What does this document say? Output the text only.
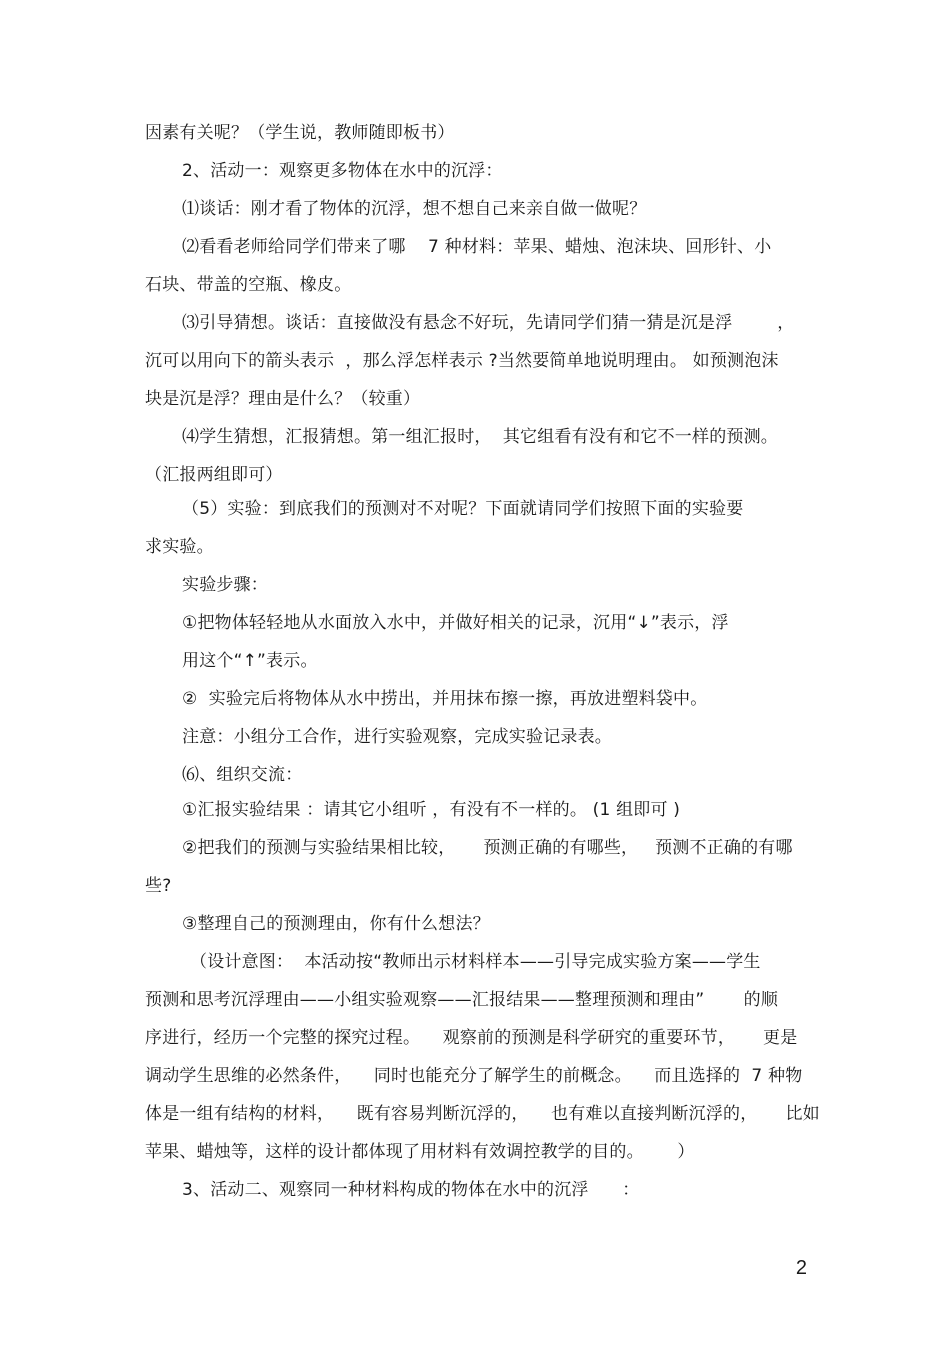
因素有关呢？（学生说，教师随即板书）
2、活动一：观察更多物体在水中的沉浮：
⑴谈话：刚才看了物体的沉浮，想不想自己来亲自做一做呢？
⑵看看老师给同学们带来了哪    7 种材料：苹果、蜡烛、泡沫块、回形针、小
石块、带盖的空瓶、橡皮。
⑶引导猜想。谈话：直接做没有悬念不好玩，先请同学们猜一猜是沉是浮        ，
沉可以用向下的箭头表示  ，那么浮怎样表示 ?当然要简单地说明理由。 如预测泡沫
块是沉是浮？理由是什么？（较重）
⑷学生猜想，汇报猜想。第一组汇报时，  其它组看有没有和它不一样的预测。
（汇报两组即可）
（5）实验：到底我们的预测对不对呢？下面就请同学们按照下面的实验要
求实验。
实验步骤：
①把物体轻轻地从水面放入水中，并做好相关的记录，沉用“↓”表示，浮
用这个“↑”表示。
②  实验完后将物体从水中捞出，并用抹布擦一擦，再放进塑料袋中。
注意：小组分工合作，进行实验观察，完成实验记录表。
⑹、组织交流：
①汇报实验结果 ：请其它小组听 ，有没有不一样的。 (1 组即可 )
②把我们的预测与实验结果相比较，     预测正确的有哪些，   预测不正确的有哪
些?
③整理自己的预测理由，你有什么想法？
（设计意图：  本活动按“教师出示材料样本——引导完成实验方案——学生
预测和思考沉浮理由——小组实验观察——汇报结果——整理预测和理由”       的顺
序进行，经历一个完整的探究过程。    观察前的预测是科学研究的重要环节，     更是
调动学生思维的必然条件，    同时也能充分了解学生的前概念。    而且选择的  7 种物
体是一组有结构的材料，    既有容易判断沉浮的，    也有难以直接判断沉浮的，     比如
苹果、蜡烛等，这样的设计都体现了用材料有效调控教学的目的。      ）
3、活动二、观察同一种材料构成的物体在水中的沉浮      ：
2
